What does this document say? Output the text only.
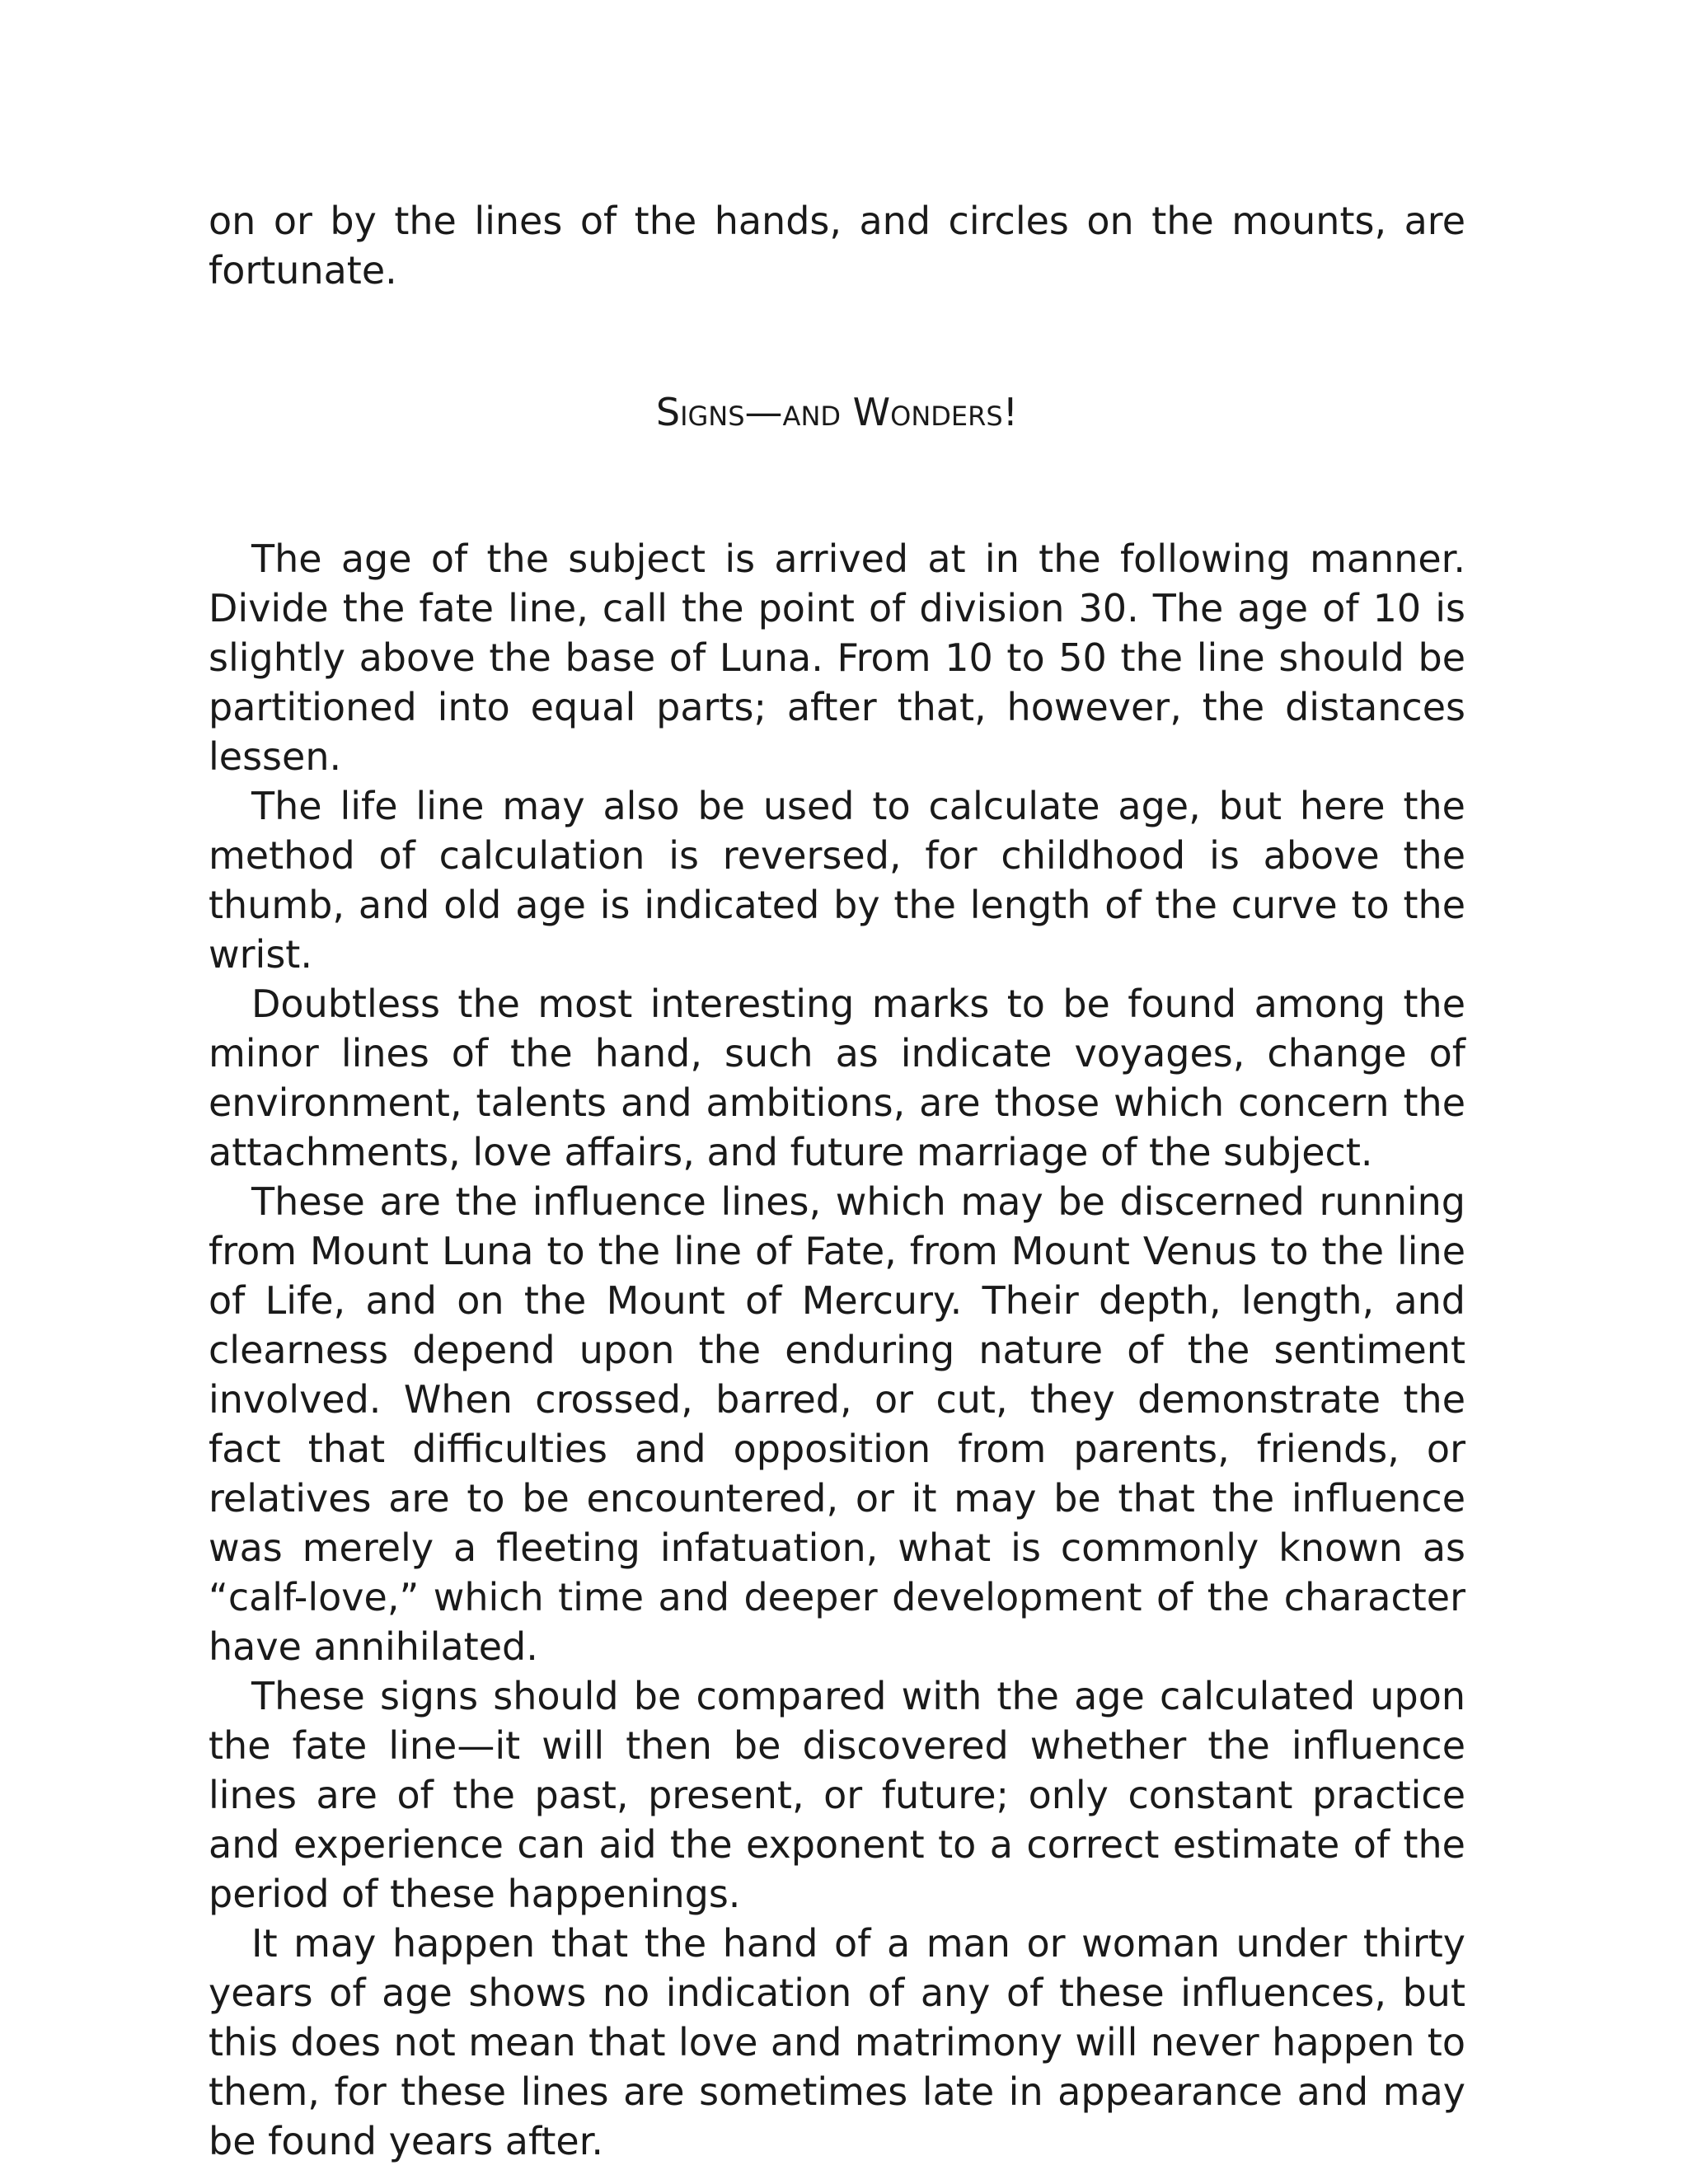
on or by the lines of the hands, and circles on the mounts, are fortunate.

Signs—and Wonders!

The age of the subject is arrived at in the following manner. Divide the fate line, call the point of division 30. The age of 10 is slightly above the base of Luna. From 10 to 50 the line should be partitioned into equal parts; after that, however, the distances lessen.

The life line may also be used to calculate age, but here the method of calculation is reversed, for childhood is above the thumb, and old age is indicated by the length of the curve to the wrist.

Doubtless the most interesting marks to be found among the minor lines of the hand, such as indicate voyages, change of environment, talents and ambitions, are those which concern the attachments, love affairs, and future marriage of the subject.

These are the influence lines, which may be discerned running from Mount Luna to the line of Fate, from Mount Venus to the line of Life, and on the Mount of Mercury. Their depth, length, and clearness depend upon the enduring nature of the sentiment involved. When crossed, barred, or cut, they demonstrate the fact that difficulties and opposition from parents, friends, or relatives are to be encountered, or it may be that the influence was merely a fleeting infatuation, what is commonly known as “calf-love,” which time and deeper development of the character have annihilated.

These signs should be compared with the age calculated upon the fate line—it will then be discovered whether the influence lines are of the past, present, or future; only constant practice and experience can aid the exponent to a correct estimate of the period of these happenings.

It may happen that the hand of a man or woman under thirty years of age shows no indication of any of these influences, but this does not mean that love and matrimony will never happen to them, for these lines are sometimes late in appearance and may be found years after.
